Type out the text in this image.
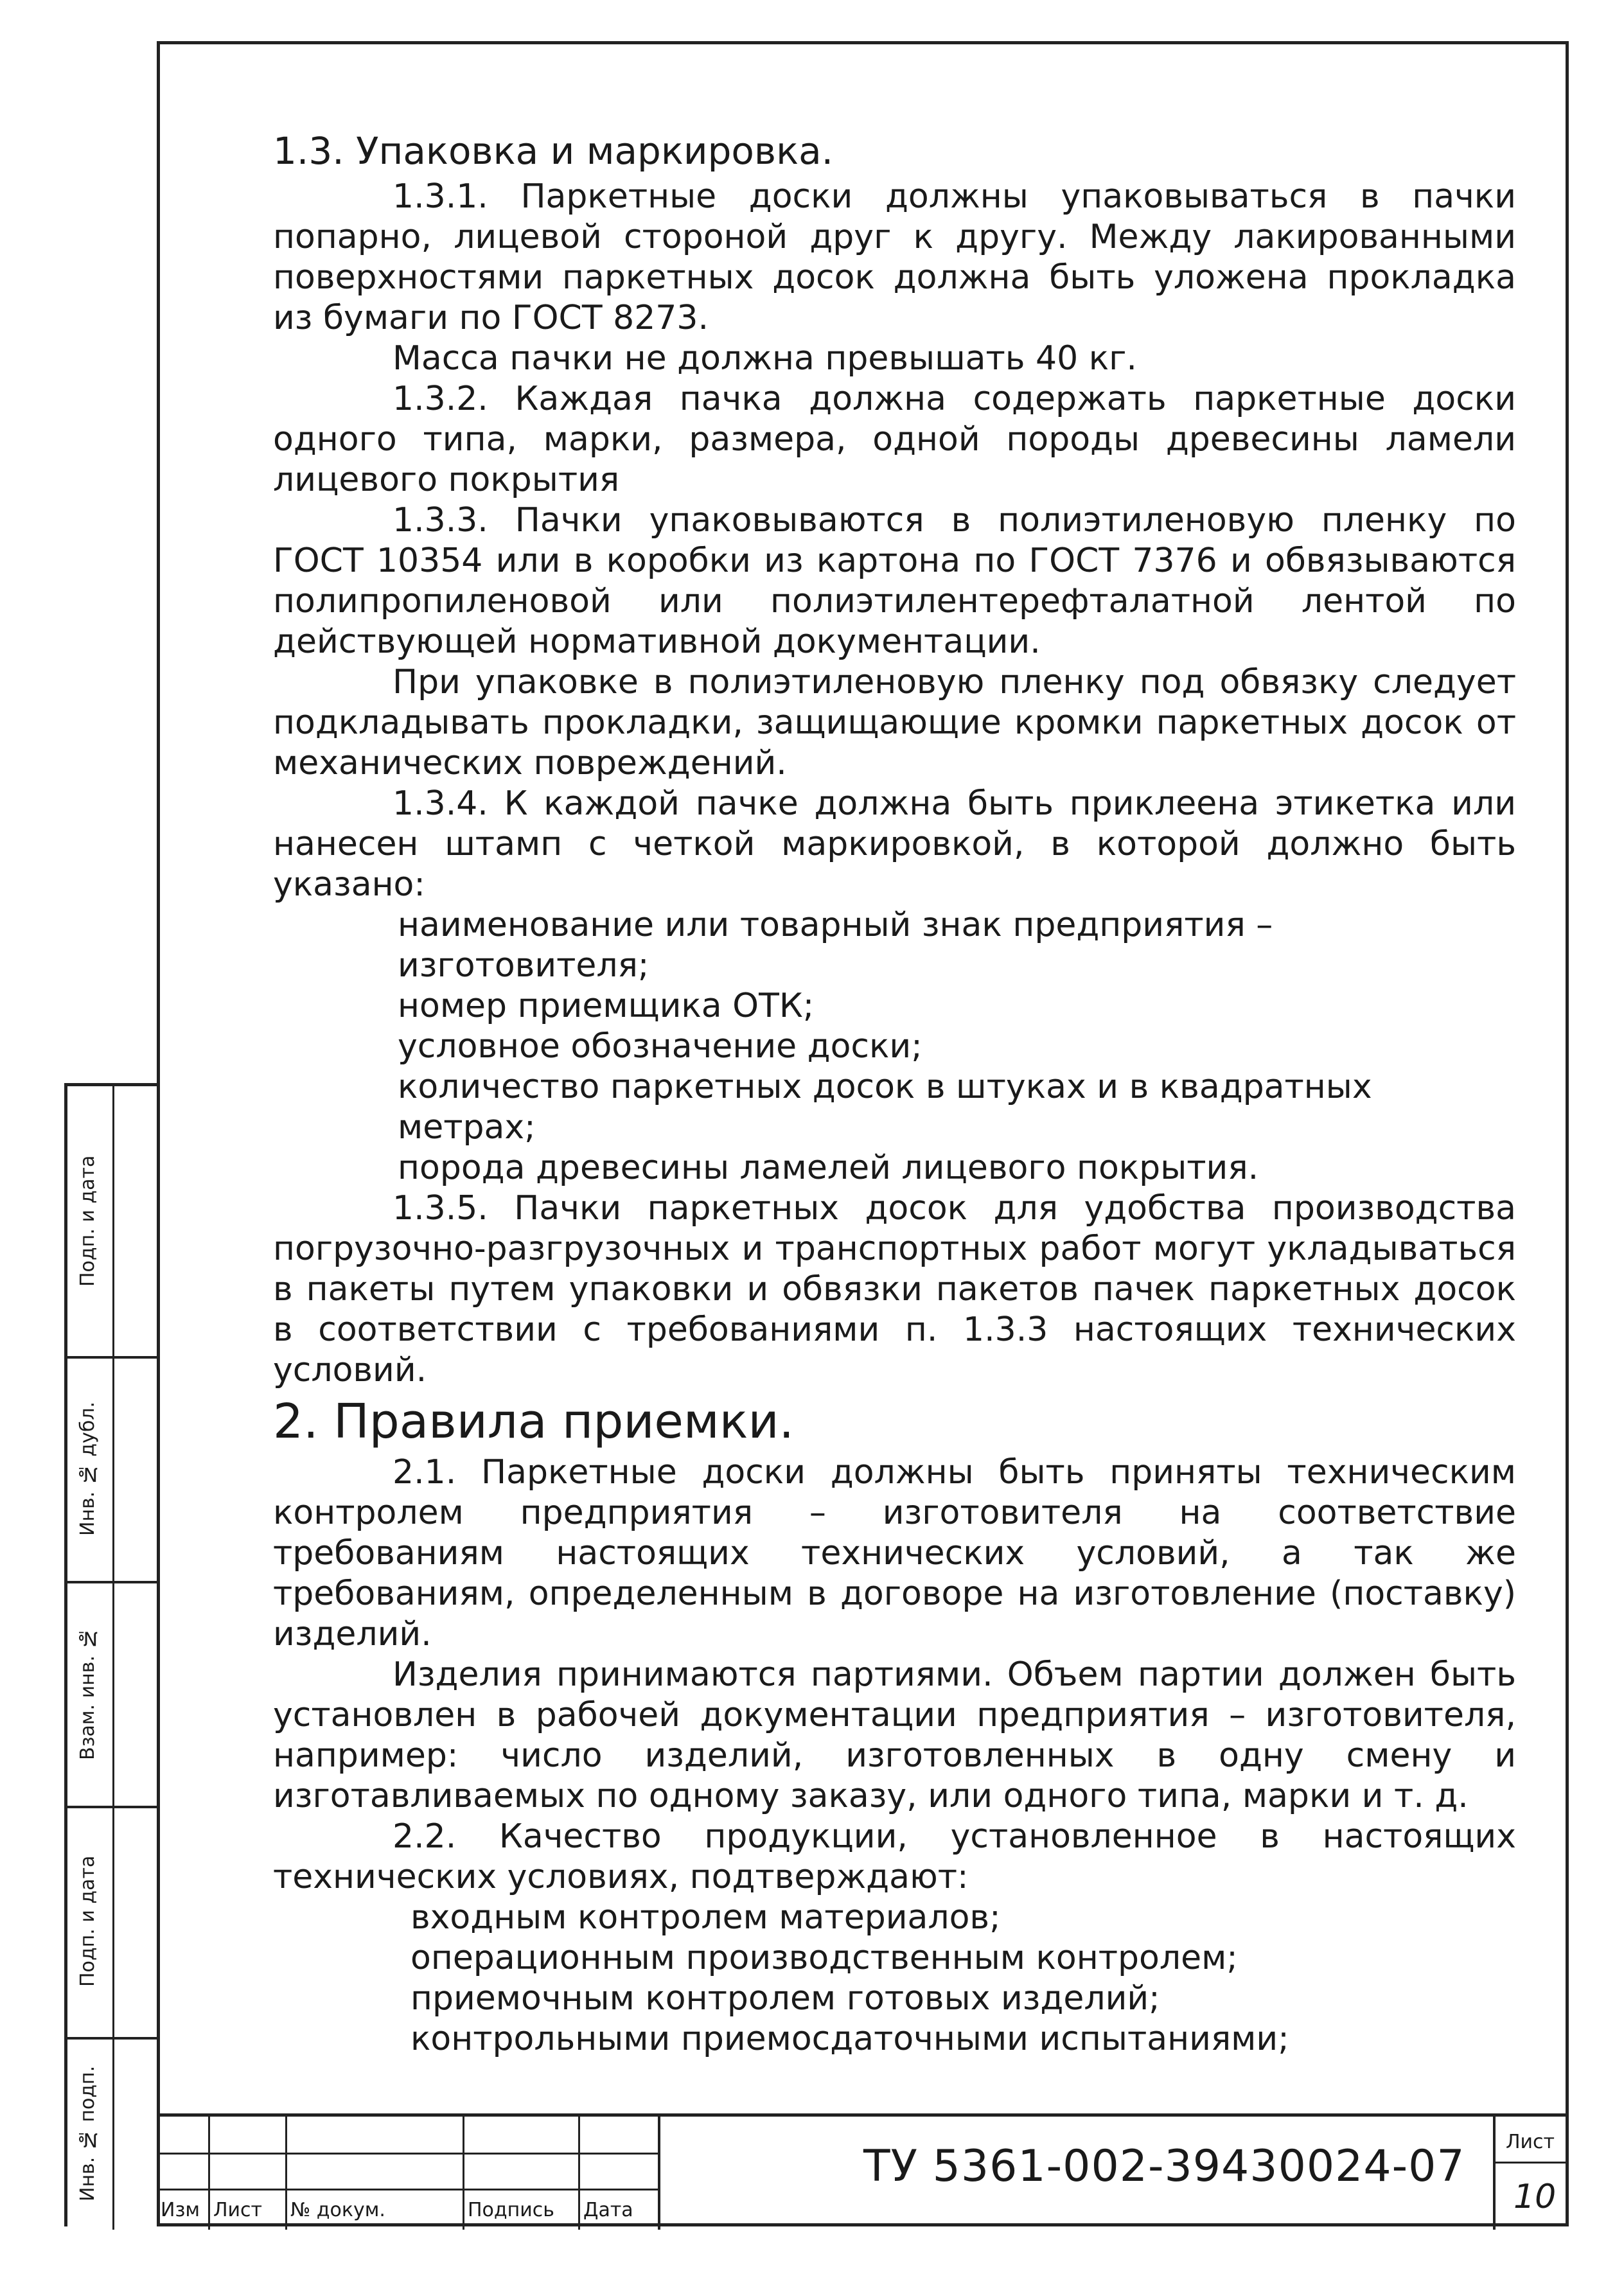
1.3. Упаковка и маркировка.

1.3.1. Паркетные доски должны упаковываться в пачки попарно, лицевой стороной друг к другу. Между лакированными поверхностями паркетных досок должна быть уложена прокладка из бумаги по ГОСТ 8273.

Масса пачки не должна превышать 40 кг.

1.3.2. Каждая пачка должна содержать паркетные доски одного типа, марки, размера, одной породы древесины ламели лицевого покрытия

1.3.3. Пачки упаковываются в полиэтиленовую пленку по ГОСТ 10354 или в коробки из картона по ГОСТ 7376 и обвязываются полипропиленовой или полиэтилентерефталатной лентой по действующей нормативной документации.

При упаковке в полиэтиленовую пленку под обвязку следует подкладывать прокладки, защищающие кромки паркетных досок от механических повреждений.

1.3.4. К каждой пачке должна быть приклеена этикетка или нанесен штамп с четкой маркировкой, в которой должно быть указано:

наименование или товарный знак предприятия – изготовителя;

номер приемщика ОТК;

условное обозначение доски;

количество паркетных досок в штуках и в квадратных метрах;

порода древесины ламелей лицевого покрытия.

1.3.5. Пачки паркетных досок для удобства производства погрузочно-разгрузочных и транспортных работ могут укладываться в пакеты путем упаковки и обвязки пакетов пачек паркетных досок в соответствии с требованиями п. 1.3.3 настоящих технических условий.

2. Правила приемки.

2.1. Паркетные доски должны быть приняты техническим контролем предприятия – изготовителя на соответствие требованиям настоящих технических условий, а так же требованиям, определенным в договоре на изготовление (поставку) изделий.

Изделия принимаются партиями. Объем партии должен быть установлен в рабочей документации предприятия – изготовителя, например: число изделий, изготовленных в одну смену и изготавливаемых по одному заказу, или одного типа, марки и т. д.

2.2. Качество продукции, установленное в настоящих технических условиях, подтверждают:

входным контролем материалов;

операционным производственным контролем;

приемочным контролем готовых изделий;

контрольными приемосдаточными испытаниями;

Подп. и дата
Инв. № дубл.
Взам. инв. №
Подп. и дата
Инв. № подп.
Изм Лист № докум.	Подпись Дата
ТУ 5361-002-39430024-07 Лист
10
